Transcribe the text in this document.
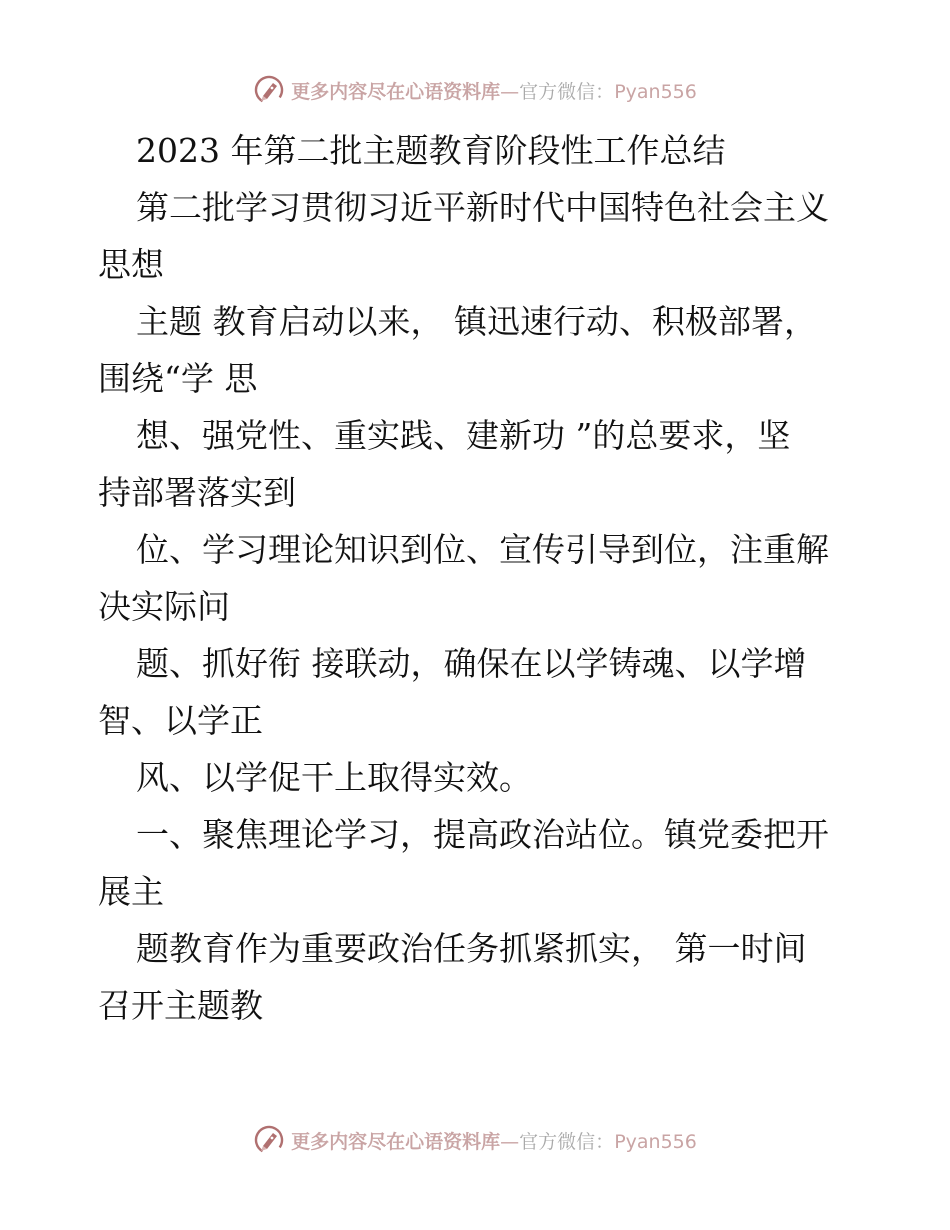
更多内容尽在心语资料库—官方微信：Pyan556

2023 年第二批主题教育阶段性工作总结

第二批学习贯彻习近平新时代中国特色社会主义

思想

主题 教育启动以来， 镇迅速行动、积极部署，

围绕“学 思

想、强党性、重实践、建新功 ”的总要求，坚

持部署落实到

位、学习理论知识到位、宣传引导到位，注重解

决实际问

题、抓好衔 接联动，确保在以学铸魂、以学增

智、以学正

风、以学促干上取得实效。

一、聚焦理论学习，提高政治站位。镇党委把开

展主

题教育作为重要政治任务抓紧抓实， 第一时间

召开主题教

更多内容尽在心语资料库—官方微信：Pyan556
